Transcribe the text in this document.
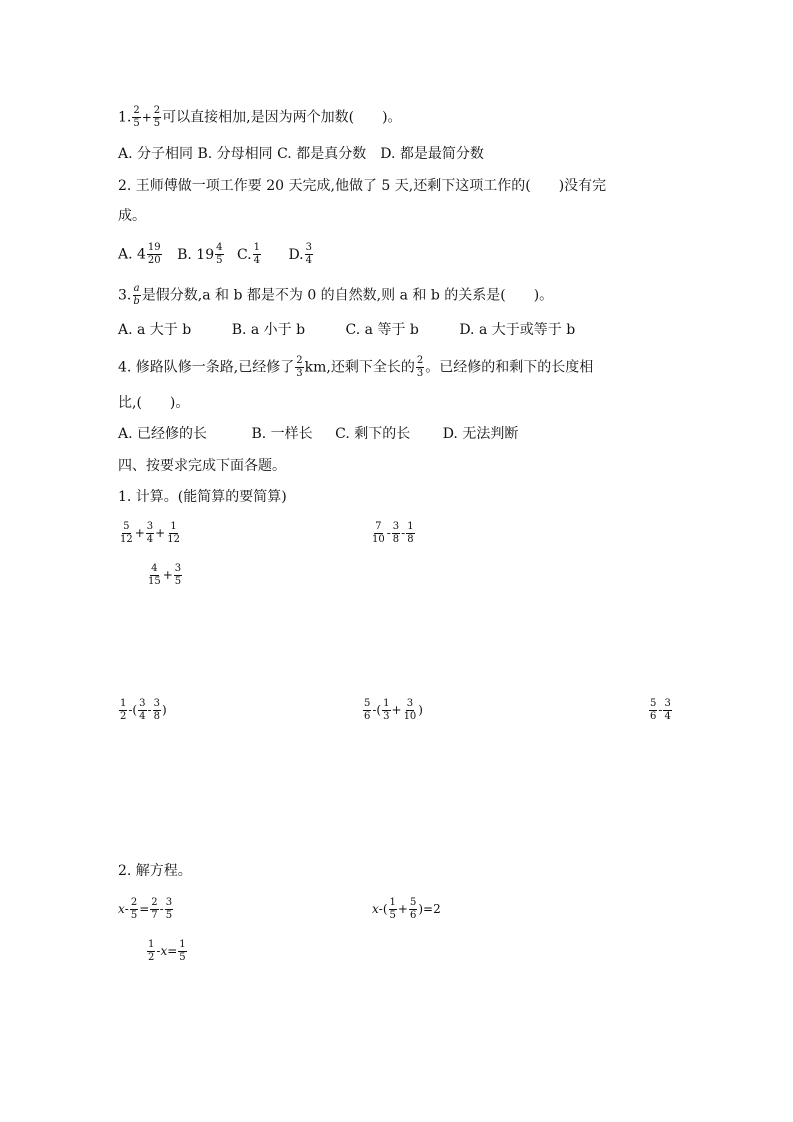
1. $\frac{2}{5} + \frac{2}{5}$ 可以直接相加,是因为两个加数(　　)。
A. 分子相同 B. 分母相同 C. 都是真分数　D. 都是最简分数
2. 王师傅做一项工作要 20 天完成,他做了 5 天,还剩下这项工作的(　　)没有完
成。
A. $4 \frac{19}{20} B$. $19 \frac{4}{5} C$. $\frac{1}{4} D$. $\frac{3}{4}$
3. $\frac{a}{b}$ 是假分数,a 和 b 都是不为 0 的自然数,则 a 和 b 的关系是(　　)。
A. a 大于 b	B. a 小于 b	C. a 等于 b	D. a 大于或等于 b
4. 修路队修一条路,已经修了 $\frac{2}{3}$ km,还剩下全长的 $\frac{2}{3}$ 。已经修的和剩下的长度相
比,(　　)。
A. 已经修的长	B. 一样长 C. 剩下的长 D. 无法判断
四、按要求完成下面各题。
1. 计算。(能简算的要简算)
$\frac{5}{12} + \frac{3}{4} + \frac{1}{12}$	$\frac{7}{10} - \frac{3}{8} - \frac{1}{8}$
$\frac{4}{15} + \frac{3}{5}$
$\frac{1}{2}$ -( $\frac{3}{4} - \frac{3}{8}$ )	$\frac{5}{6}$ -( $\frac{1}{3} + \frac{3}{10}$ )	$\frac{5}{6} - \frac{3}{4}$
2. 解方程。
$x- \frac{2}{5} = \frac{2}{7} - \frac{3}{5}$	$x-( \frac{1}{5} + \frac{5}{6} )=2$
$\frac{1}{2} -x= \frac{1}{5}$
